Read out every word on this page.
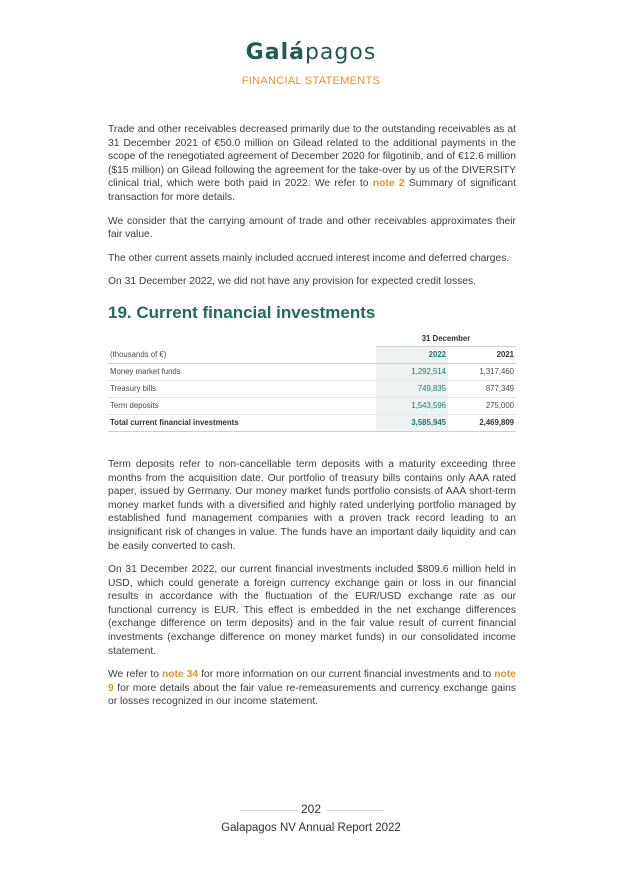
Galápagos
FINANCIAL STATEMENTS

Trade and other receivables decreased primarily due to the outstanding receivables as at 31 December 2021 of €50.0 million on Gilead related to the additional payments in the scope of the renegotiated agreement of December 2020 for filgotinib, and of €12.6 million ($15 million) on Gilead following the agreement for the take-over by us of the DIVERSITY clinical trial, which were both paid in 2022. We refer to note 2 Summary of significant transaction for more details.

We consider that the carrying amount of trade and other receivables approximates their fair value.

The other current assets mainly included accrued interest income and deferred charges.

On 31 December 2022, we did not have any provision for expected credit losses.

19. Current financial investments
	31 December	
(thousands of €)	2022	2021
Money market funds	1,292,514	1,317,460
Treasury bills	749,835	877,349
Term deposits	1,543,596	275,000
Total current financial investments	3,585,945	2,469,809

Term deposits refer to non-cancellable term deposits with a maturity exceeding three months from the acquisition date. Our portfolio of treasury bills contains only AAA rated paper, issued by Germany. Our money market funds portfolio consists of AAA short-term money market funds with a diversified and highly rated underlying portfolio managed by established fund management companies with a proven track record leading to an insignificant risk of changes in value. The funds have an important daily liquidity and can be easily converted to cash.

On 31 December 2022, our current financial investments included $809.6 million held in USD, which could generate a foreign currency exchange gain or loss in our financial results in accordance with the fluctuation of the EUR/USD exchange rate as our functional currency is EUR. This effect is embedded in the net exchange differences (exchange difference on term deposits) and in the fair value result of current financial investments (exchange difference on money market funds) in our consolidated income statement.

We refer to note 34 for more information on our current financial investments and to note 9 for more details about the fair value re-remeasurements and currency exchange gains or losses recognized in our income statement.

202
Galapagos NV Annual Report 2022
